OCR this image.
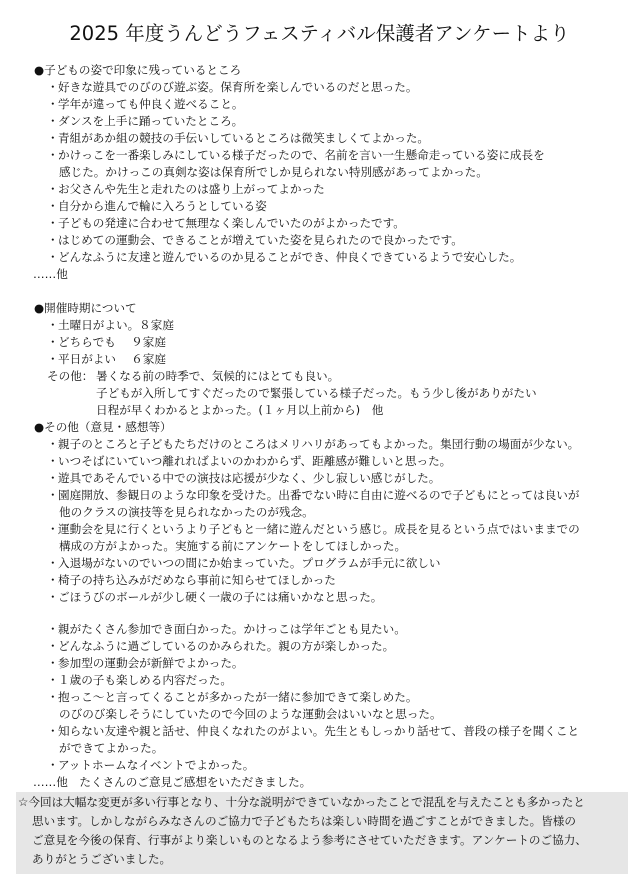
2025 年度うんどうフェスティバル保護者アンケートより
●子どもの姿で印象に残っているところ
・好きな遊具でのびのび遊ぶ姿。保育所を楽しんでいるのだと思った。
・学年が違っても仲良く遊べること。
・ダンスを上手に踊っていたところ。
・青組があか組の競技の手伝いしているところは微笑ましくてよかった。
・かけっこを一番楽しみにしている様子だったので、名前を言い一生懸命走っている姿に成長を
感じた。かけっこの真剣な姿は保育所でしか見られない特別感があってよかった。
・お父さんや先生と走れたのは盛り上がってよかった
・自分から進んで輪に入ろうとしている姿
・子どもの発達に合わせて無理なく楽しんでいたのがよかったです。
・はじめての運動会、できることが増えていた姿を見られたので良かったです。
・どんなふうに友達と遊んでいるのか見ることができ、仲良くできているようで安心した。
……他
●開催時期について
・土曜日がよい。８家庭
・どちらでも　 ９家庭
・平日がよい　 ６家庭
その他： 暑くなる前の時季で、気候的にはとても良い。
子どもが入所してすぐだったので緊張している様子だった。もう少し後がありがたい
日程が早くわかるとよかった。(１ヶ月以上前から)　他
●その他（意見・感想等）
・親子のところと子どもたちだけのところはメリハリがあってもよかった。集団行動の場面が少ない。
・いつそばにいていつ離れればよいのかわからず、距離感が難しいと思った。
・遊具であそんでいる中での演技は応援が少なく、少し寂しい感じがした。
・園庭開放、参観日のような印象を受けた。出番でない時に自由に遊べるので子どもにとっては良いが
他のクラスの演技等を見られなかったのが残念。
・運動会を見に行くというより子どもと一緒に遊んだという感じ。成長を見るという点ではいままでの
構成の方がよかった。実施する前にアンケートをしてほしかった。
・入退場がないのでいつの間にか始まっていた。プログラムが手元に欲しい
・椅子の持ち込みがだめなら事前に知らせてほしかった
・ごほうびのボールが少し硬く一歳の子には痛いかなと思った。
・親がたくさん参加でき面白かった。かけっこは学年ごとも見たい。
・どんなふうに過ごしているのかみられた。親の方が楽しかった。
・参加型の運動会が新鮮でよかった。
・１歳の子も楽しめる内容だった。
・抱っこ〜と言ってくることが多かったが一緒に参加できて楽しめた。
のびのび楽しそうにしていたので今回のような運動会はいいなと思った。
・知らない友達や親と話せ、仲良くなれたのがよい。先生ともしっかり話せて、普段の様子を聞くこと
ができてよかった。
・アットホームなイベントでよかった。
……他　たくさんのご意見ご感想をいただきました。
☆今回は大幅な変更が多い行事となり、十分な説明ができていなかったことで混乱を与えたことも多かったと
思います。しかしながらみなさんのご協力で子どもたちは楽しい時間を過ごすことができました。皆様の
ご意見を今後の保育、行事がより楽しいものとなるよう参考にさせていただきます。アンケートのご協力、
ありがとうございました。
